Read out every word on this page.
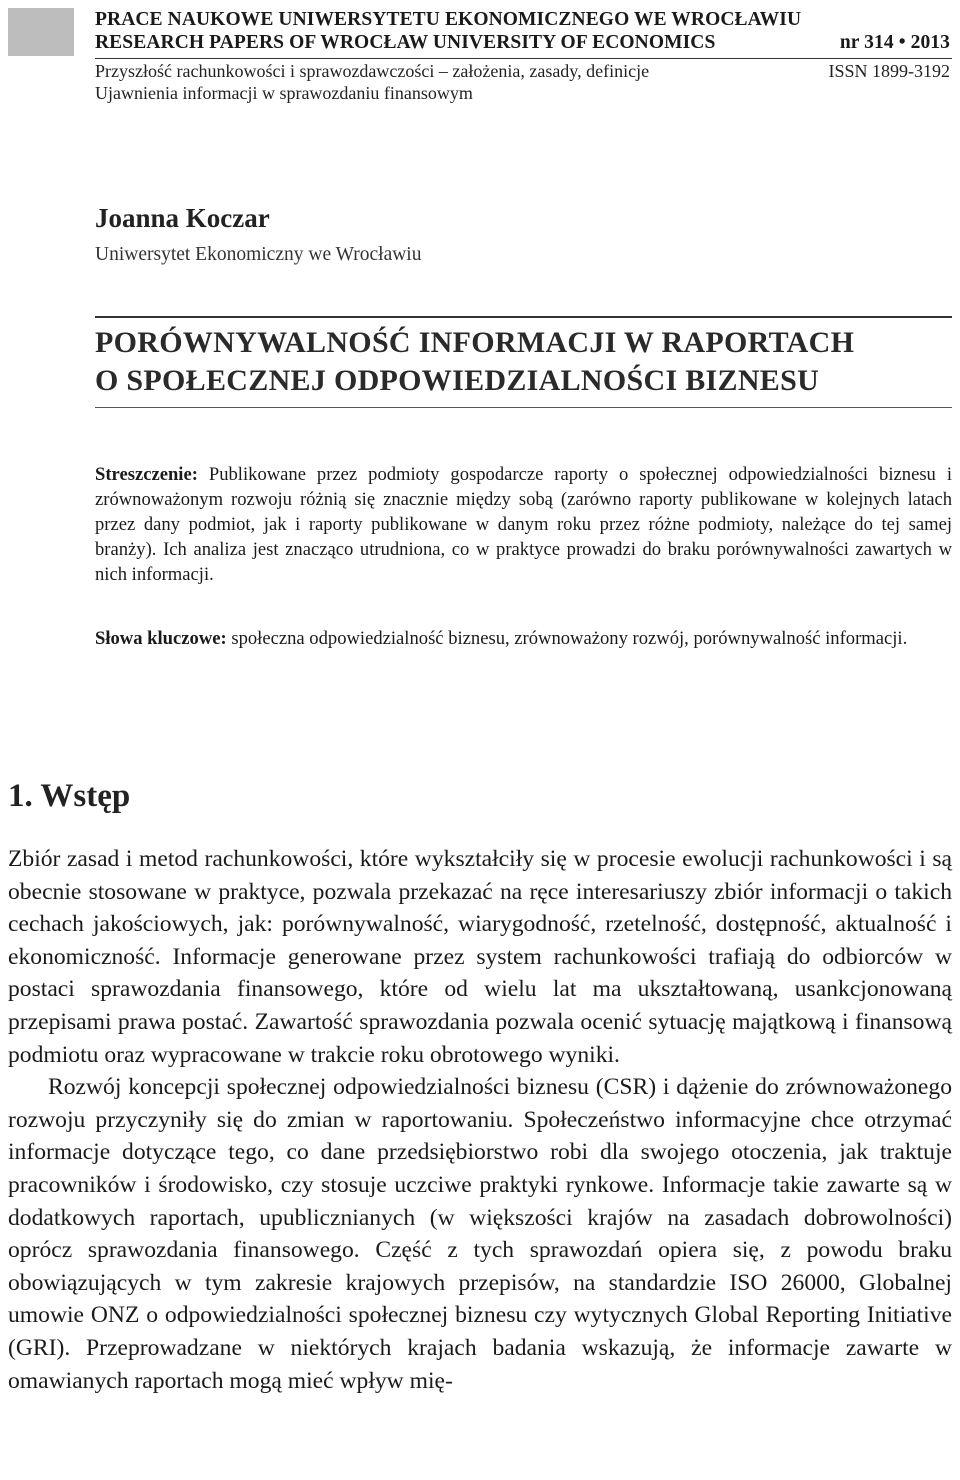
PRACE NAUKOWE UNIWERSYTETU EKONOMICZNEGO WE WROCŁAWIU
RESEARCH PAPERS OF WROCŁAW UNIVERSITY OF ECONOMICS	nr 314 • 2013
Przyszłość rachunkowości i sprawozdawczości – założenia, zasady, definicje	ISSN 1899-3192
Ujawnienia informacji w sprawozdaniu finansowym
Joanna Koczar
Uniwersytet Ekonomiczny we Wrocławiu
PORÓWNYWALNOŚĆ INFORMACJI W RAPORTACH
O SPOŁECZNEJ ODPOWIEDZIALNOŚCI BIZNESU
Streszczenie: Publikowane przez podmioty gospodarcze raporty o społecznej odpowiedzialności biznesu i zrównoważonym rozwoju różnią się znacznie między sobą (zarówno raporty publikowane w kolejnych latach przez dany podmiot, jak i raporty publikowane w danym roku przez różne podmioty, należące do tej samej branży). Ich analiza jest znacząco utrudniona, co w praktyce prowadzi do braku porównywalności zawartych w nich informacji.
Słowa kluczowe: społeczna odpowiedzialność biznesu, zrównoważony rozwój, porównywalność informacji.
1. Wstęp

Zbiór zasad i metod rachunkowości, które wykształciły się w procesie ewolucji rachunkowości i są obecnie stosowane w praktyce, pozwala przekazać na ręce interesariuszy zbiór informacji o takich cechach jakościowych, jak: porównywalność, wiarygodność, rzetelność, dostępność, aktualność i ekonomiczność. Informacje generowane przez system rachunkowości trafiają do odbiorców w postaci sprawozdania finansowego, które od wielu lat ma ukształtowaną, usankcjonowaną przepisami prawa postać. Zawartość sprawozdania pozwala ocenić sytuację majątkową i finansową podmiotu oraz wypracowane w trakcie roku obrotowego wyniki.

Rozwój koncepcji społecznej odpowiedzialności biznesu (CSR) i dążenie do zrównoważonego rozwoju przyczyniły się do zmian w raportowaniu. Społeczeństwo informacyjne chce otrzymać informacje dotyczące tego, co dane przedsiębiorstwo robi dla swojego otoczenia, jak traktuje pracowników i środowisko, czy stosuje uczciwe praktyki rynkowe. Informacje takie zawarte są w dodatkowych raportach, upublicznianych (w większości krajów na zasadach dobrowolności) oprócz sprawozdania finansowego. Część z tych sprawozdań opiera się, z powodu braku obowiązujących w tym zakresie krajowych przepisów, na standardzie ISO 26000, Globalnej umowie ONZ o odpowiedzialności społecznej biznesu czy wytycznych Global Reporting Initiative (GRI). Przeprowadzane w niektórych krajach badania wskazują, że informacje zawarte w omawianych raportach mogą mieć wpływ mię-
